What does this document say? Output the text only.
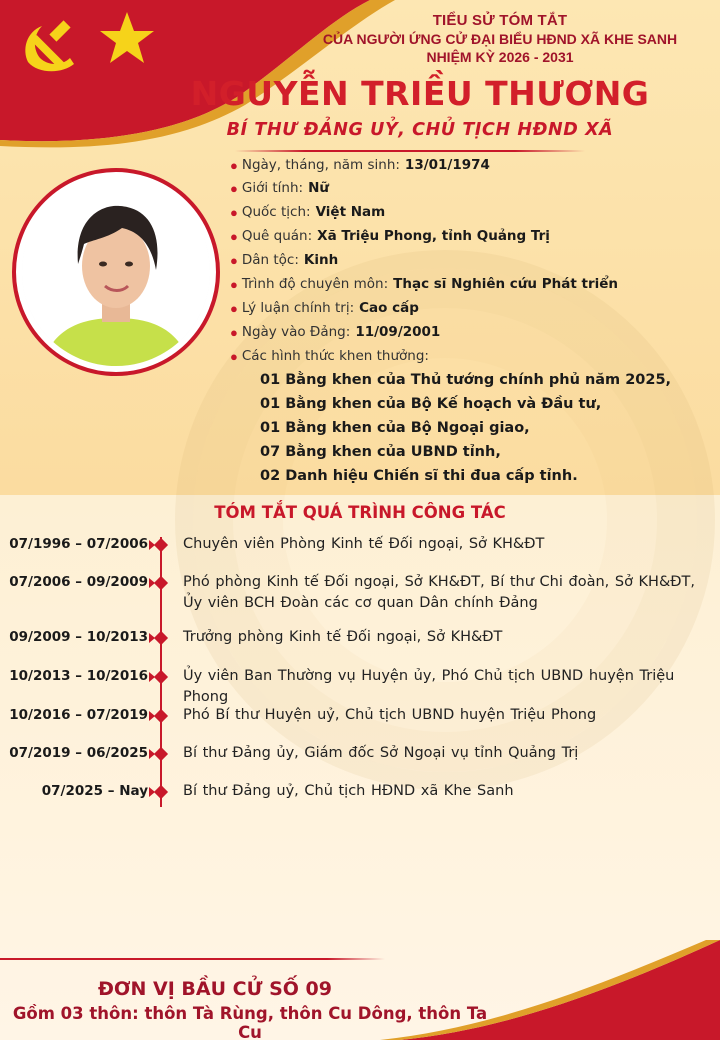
TIỂU SỬ TÓM TẮT
CỦA NGƯỜI ỨNG CỬ ĐẠI BIỂU HĐND XÃ KHE SANH
NHIỆM KỲ 2026 - 2031
NGUYỄN TRIỀU THƯƠNG
BÍ THƯ ĐẢNG UỶ, CHỦ TỊCH HĐND XÃ
● Ngày, tháng, năm sinh: 13/01/1974
● Giới tính: Nữ
● Quốc tịch: Việt Nam
● Quê quán: Xã Triệu Phong, tỉnh Quảng Trị
● Dân tộc: Kinh
● Trình độ chuyên môn: Thạc sĩ Nghiên cứu Phát triển
● Lý luận chính trị: Cao cấp
● Ngày vào Đảng: 11/09/2001
● Các hình thức khen thưởng:
01 Bằng khen của Thủ tướng chính phủ năm 2025,
01 Bằng khen của Bộ Kế hoạch và Đầu tư,
01 Bằng khen của Bộ Ngoại giao,
07 Bằng khen của UBND tỉnh,
02 Danh hiệu Chiến sĩ thi đua cấp tỉnh.
TÓM TẮT QUÁ TRÌNH CÔNG TÁC
07/1996 – 07/2006 Chuyên viên Phòng Kinh tế Đối ngoại, Sở KH&ĐT
07/2006 – 09/2009 Phó phòng Kinh tế Đối ngoại, Sở KH&ĐT, Bí thư Chi đoàn, Sở KH&ĐT, Ủy viên BCH Đoàn các cơ quan Dân chính Đảng
09/2009 – 10/2013 Trưởng phòng Kinh tế Đối ngoại, Sở KH&ĐT
10/2013 – 10/2016 Ủy viên Ban Thường vụ Huyện ủy, Phó Chủ tịch UBND huyện Triệu Phong
10/2016 – 07/2019 Phó Bí thư Huyện uỷ, Chủ tịch UBND huyện Triệu Phong
07/2019 – 06/2025 Bí thư Đảng ủy, Giám đốc Sở Ngoại vụ tỉnh Quảng Trị
07/2025 – Nay Bí thư Đảng uỷ, Chủ tịch HĐND xã Khe Sanh
ĐƠN VỊ BẦU CỬ SỐ 09
Gồm 03 thôn: thôn Tà Rùng, thôn Cu Dông, thôn Ta Cu
